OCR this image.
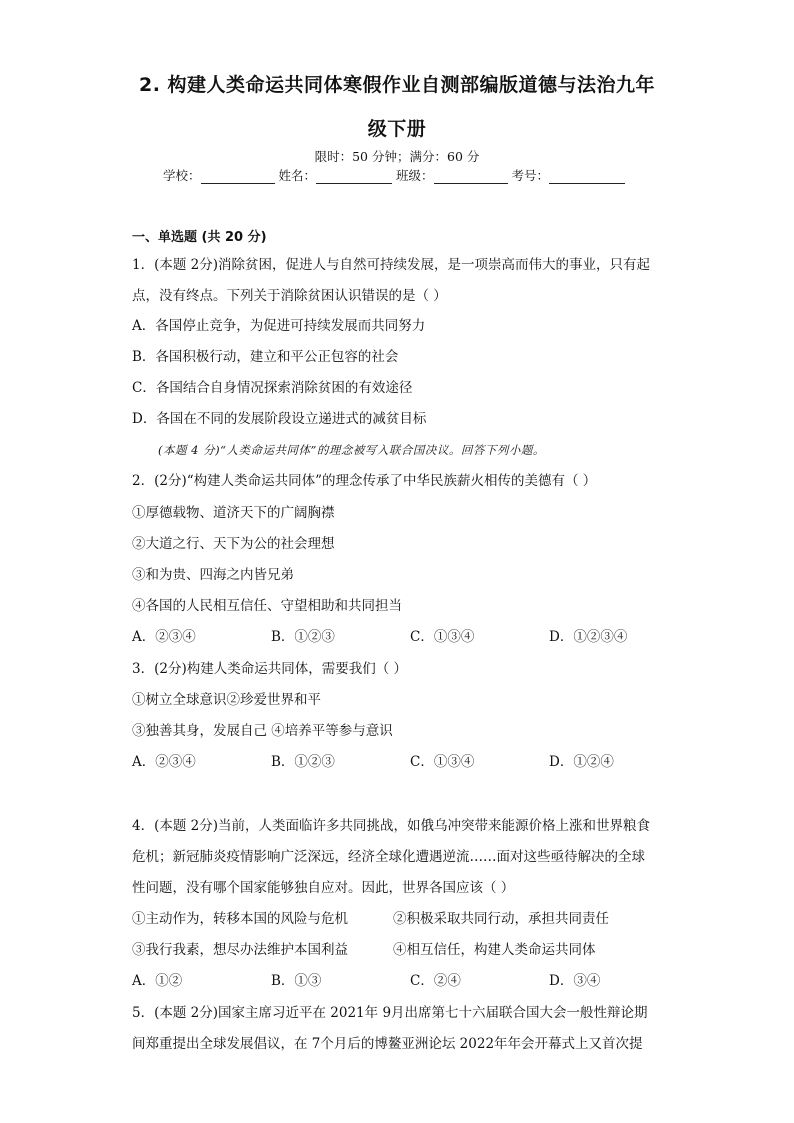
2. 构建人类命运共同体寒假作业自测部编版道德与法治九年
级下册
限时：50 分钟；满分：60 分
学校：	姓名：	班级：	考号：
一、单选题 (共 20 分)
1．(本题 2分)消除贫困，促进人与自然可持续发展，是一项崇高而伟大的事业，只有起
点，没有终点。下列关于消除贫困认识错误的是（ ）
A．各国停止竞争，为促进可持续发展而共同努力
B．各国积极行动，建立和平公正包容的社会
C．各国结合自身情况探索消除贫困的有效途径
D．各国在不同的发展阶段设立递进式的减贫目标
(本题 4 分)“人类命运共同体”的理念被写入联合国决议。回答下列小题。
2．(2分)“构建人类命运共同体”的理念传承了中华民族薪火相传的美德有（ ）
①厚德载物、道济天下的广阔胸襟
②大道之行、天下为公的社会理想
③和为贵、四海之内皆兄弟
④各国的人民相互信任、守望相助和共同担当
A．②③④	B．①②③	C．①③④	D．①②③④
3．(2分)构建人类命运共同体，需要我们（ ）
①树立全球意识②珍爱世界和平
③独善其身，发展自己 ④培养平等参与意识
A．②③④	B．①②③	C．①③④	D．①②④
4．(本题 2分)当前，人类面临许多共同挑战，如俄乌冲突带来能源价格上涨和世界粮食
危机；新冠肺炎疫情影响广泛深远，经济全球化遭遇逆流……面对这些亟待解决的全球
性问题，没有哪个国家能够独自应对。因此，世界各国应该（ ）
①主动作为，转移本国的风险与危机	②积极采取共同行动，承担共同责任
③我行我素，想尽办法维护本国利益	④相互信任，构建人类命运共同体
A．①②	B．①③	C．②④	D．③④
5．(本题 2分)国家主席习近平在 2021年 9月出席第七十六届联合国大会一般性辩论期
间郑重提出全球发展倡议，在 7个月后的博鳌亚洲论坛 2022年年会开幕式上又首次提
